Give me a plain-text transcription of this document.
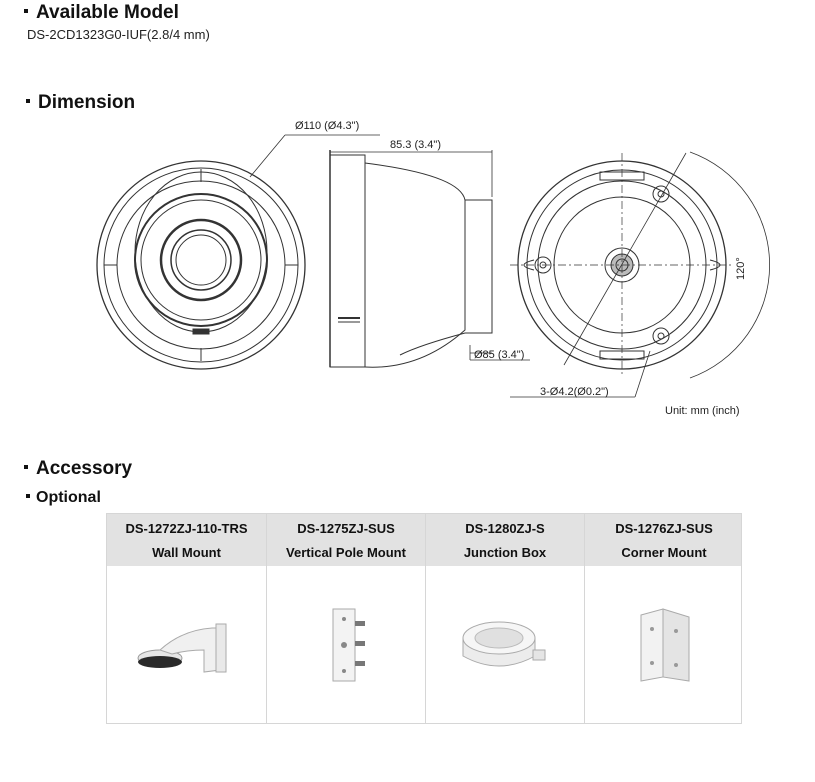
Available Model
DS-2CD1323G0-IUF(2.8/4 mm)
Dimension
Ø110 (Ø4.3")
85.3 (3.4")
Ø85 (3.4")
3-Ø4.2(Ø0.2")
120°
Unit: mm (inch)
Accessory
Optional
DS-1272ZJ-110-TRS
Wall Mount
DS-1275ZJ-SUS
Vertical Pole Mount
DS-1280ZJ-S
Junction Box
DS-1276ZJ-SUS
Corner Mount
